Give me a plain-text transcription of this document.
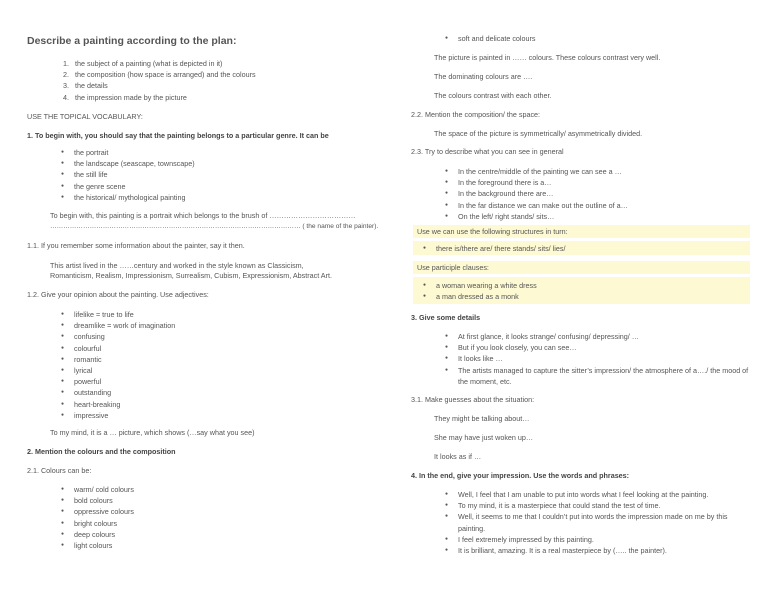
Describe a painting according to the plan:
1. the subject of a painting (what is depicted in it)
2. the composition (how space is arranged) and the colours
3. the details
4. the impression made by the picture
USE THE TOPICAL VOCABULARY:
1. To begin with, you should say that the painting belongs to a particular genre. It can be
● the portrait
● the landscape (seascape, townscape)
● the still life
● the genre scene
● the historical/ mythological painting
To begin with, this painting is a portrait which belongs to the brush of ………………………………
…………………………………………………………………………………………………… ( the name of the painter).
1.1. If you remember some information about the painter, say it then.
This artist lived in the ……century and worked in the style known as Classicism,
Romanticism, Realism, Impressionism, Surrealism, Cubism, Expressionism, Abstract Art.
1.2. Give your opinion about the painting. Use adjectives:
● lifelike = true to life
● dreamlike = work of imagination
● confusing
● colourful
● romantic
● lyrical
● powerful
● outstanding
● heart-breaking
● impressive
To my mind, it is a … picture, which shows (…say what you see)
2. Mention the colours and the composition
2.1. Colours can be:
● warm/ cold colours
● bold colours
● oppressive colours
● bright colours
● deep colours
● light colours
● soft and delicate colours
The picture is painted in …… colours. These colours contrast very well.
The dominating colours are ….
The colours contrast with each other.
2.2. Mention the composition/ the space:
The space of the picture is symmetrically/ asymmetrically divided.
2.3. Try to describe what you can see in general
● In the centre/middle of the painting we can see a …
● In the foreground there is a…
● In the background there are…
● In the far distance we can make out the outline of a…
● On the left/ right stands/ sits…
Use we can use the following structures in turn:
● there is/there are/ there stands/ sits/ lies/
Use participle clauses:
● a woman wearing a white dress
● a man dressed as a monk
3. Give some details
● At first glance, it looks strange/ confusing/ depressing/ …
● But if you look closely, you can see…
● It looks like …
● The artists managed to capture the sitter’s impression/ the atmosphere of a…./ the mood of the moment, etc.
3.1. Make guesses about the situation:
They might be talking about…
She may have just woken up…
It looks as if …
4. In the end, give your impression. Use the words and phrases:
● Well, I feel that I am unable to put into words what I feel looking at the painting.
● To my mind, it is a masterpiece that could stand the test of time.
● Well, it seems to me that I couldn’t put into words the impression made on me by this painting.
● I feel extremely impressed by this painting.
● It is brilliant, amazing. It is a real masterpiece by (….. the painter).
